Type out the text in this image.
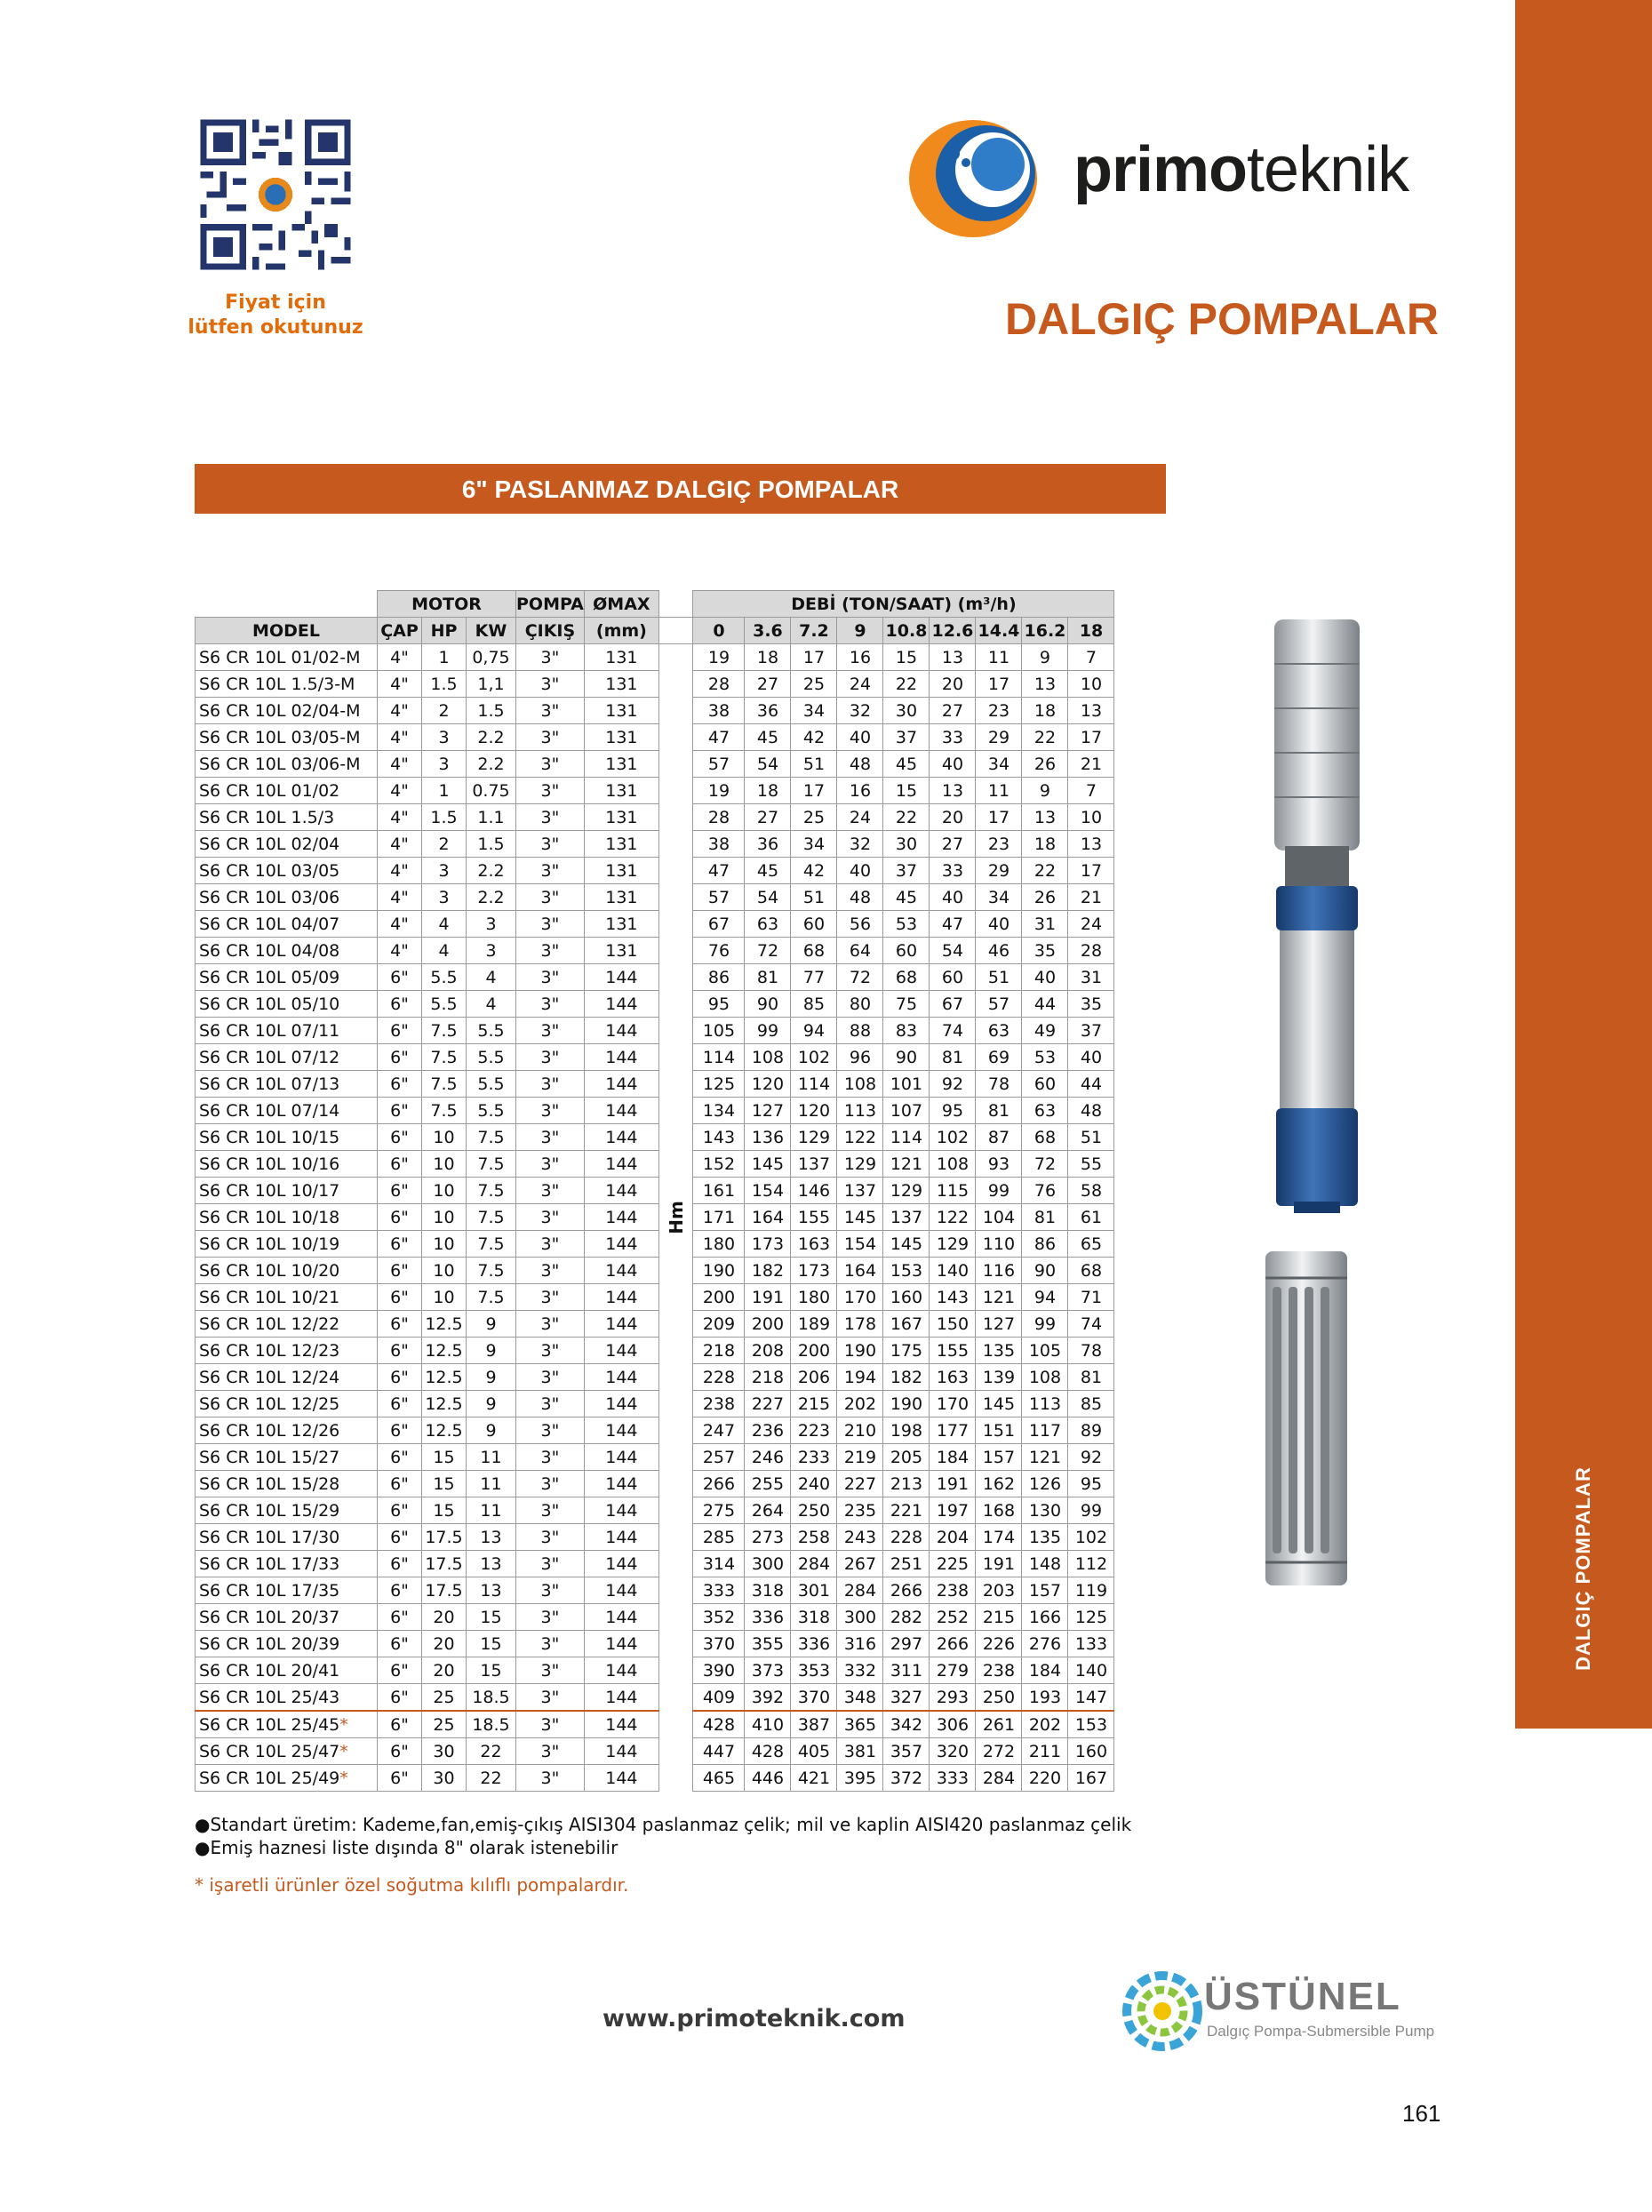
DALGIÇ POMPALAR
Fiyat için
lütfen okutunuz
primoteknik
DALGIÇ POMPALAR
6" PASLANMAZ DALGIÇ POMPALAR
	MOTOR			POMPA	ØMAX		DEBİ (TON/SAAT) (m³/h)								
MODEL	ÇAP	HP	KW	ÇIKIŞ	(mm)		0	3.6	7.2	9	10.8	12.6	14.4	16.2	18
S6 CR 10L 01/02-M	4"	1	0,75	3"	131	Hm	19	18	17	16	15	13	11	9	7
S6 CR 10L 1.5/3-M	4"	1.5	1,1	3"	131		28	27	25	24	22	20	17	13	10
S6 CR 10L 02/04-M	4"	2	1.5	3"	131		38	36	34	32	30	27	23	18	13
S6 CR 10L 03/05-M	4"	3	2.2	3"	131		47	45	42	40	37	33	29	22	17
S6 CR 10L 03/06-M	4"	3	2.2	3"	131		57	54	51	48	45	40	34	26	21
S6 CR 10L 01/02	4"	1	0.75	3"	131		19	18	17	16	15	13	11	9	7
S6 CR 10L 1.5/3	4"	1.5	1.1	3"	131		28	27	25	24	22	20	17	13	10
S6 CR 10L 02/04	4"	2	1.5	3"	131		38	36	34	32	30	27	23	18	13
S6 CR 10L 03/05	4"	3	2.2	3"	131		47	45	42	40	37	33	29	22	17
S6 CR 10L 03/06	4"	3	2.2	3"	131		57	54	51	48	45	40	34	26	21
S6 CR 10L 04/07	4"	4	3	3"	131		67	63	60	56	53	47	40	31	24
S6 CR 10L 04/08	4"	4	3	3"	131		76	72	68	64	60	54	46	35	28
S6 CR 10L 05/09	6"	5.5	4	3"	144		86	81	77	72	68	60	51	40	31
S6 CR 10L 05/10	6"	5.5	4	3"	144		95	90	85	80	75	67	57	44	35
S6 CR 10L 07/11	6"	7.5	5.5	3"	144		105	99	94	88	83	74	63	49	37
S6 CR 10L 07/12	6"	7.5	5.5	3"	144		114	108	102	96	90	81	69	53	40
S6 CR 10L 07/13	6"	7.5	5.5	3"	144		125	120	114	108	101	92	78	60	44
S6 CR 10L 07/14	6"	7.5	5.5	3"	144		134	127	120	113	107	95	81	63	48
S6 CR 10L 10/15	6"	10	7.5	3"	144		143	136	129	122	114	102	87	68	51
S6 CR 10L 10/16	6"	10	7.5	3"	144		152	145	137	129	121	108	93	72	55
S6 CR 10L 10/17	6"	10	7.5	3"	144		161	154	146	137	129	115	99	76	58
S6 CR 10L 10/18	6"	10	7.5	3"	144		171	164	155	145	137	122	104	81	61
S6 CR 10L 10/19	6"	10	7.5	3"	144		180	173	163	154	145	129	110	86	65
S6 CR 10L 10/20	6"	10	7.5	3"	144		190	182	173	164	153	140	116	90	68
S6 CR 10L 10/21	6"	10	7.5	3"	144		200	191	180	170	160	143	121	94	71
S6 CR 10L 12/22	6"	12.5	9	3"	144		209	200	189	178	167	150	127	99	74
S6 CR 10L 12/23	6"	12.5	9	3"	144		218	208	200	190	175	155	135	105	78
S6 CR 10L 12/24	6"	12.5	9	3"	144		228	218	206	194	182	163	139	108	81
S6 CR 10L 12/25	6"	12.5	9	3"	144		238	227	215	202	190	170	145	113	85
S6 CR 10L 12/26	6"	12.5	9	3"	144		247	236	223	210	198	177	151	117	89
S6 CR 10L 15/27	6"	15	11	3"	144		257	246	233	219	205	184	157	121	92
S6 CR 10L 15/28	6"	15	11	3"	144		266	255	240	227	213	191	162	126	95
S6 CR 10L 15/29	6"	15	11	3"	144		275	264	250	235	221	197	168	130	99
S6 CR 10L 17/30	6"	17.5	13	3"	144		285	273	258	243	228	204	174	135	102
S6 CR 10L 17/33	6"	17.5	13	3"	144		314	300	284	267	251	225	191	148	112
S6 CR 10L 17/35	6"	17.5	13	3"	144		333	318	301	284	266	238	203	157	119
S6 CR 10L 20/37	6"	20	15	3"	144		352	336	318	300	282	252	215	166	125
S6 CR 10L 20/39	6"	20	15	3"	144		370	355	336	316	297	266	226	276	133
S6 CR 10L 20/41	6"	20	15	3"	144		390	373	353	332	311	279	238	184	140
S6 CR 10L 25/43	6"	25	18.5	3"	144		409	392	370	348	327	293	250	193	147
S6 CR 10L 25/45*	6"	25	18.5	3"	144		428	410	387	365	342	306	261	202	153
S6 CR 10L 25/47*	6"	30	22	3"	144		447	428	405	381	357	320	272	211	160
S6 CR 10L 25/49*	6"	30	22	3"	144		465	446	421	395	372	333	284	220	167
●Standart üretim: Kademe,fan,emiş-çıkış AISI304 paslanmaz çelik; mil ve kaplin AISI420 paslanmaz çelik
●Emiş haznesi liste dışında 8" olarak istenebilir
* işaretli ürünler özel soğutma kılıflı pompalardır.
www.primoteknik.com
ÜSTÜNEL
Dalgıç Pompa-Submersible Pump
161
